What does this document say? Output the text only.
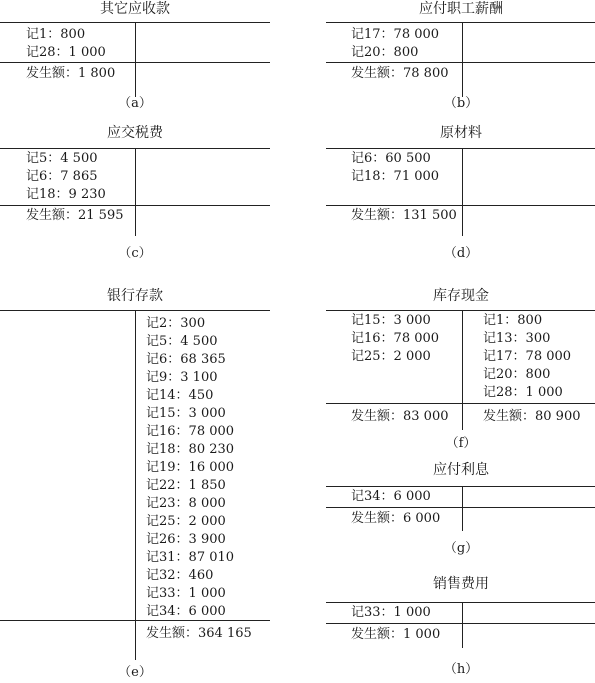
其它应收款
记1：800
记28：1 000
发生额：1 800
（a）
应付职工薪酬
记17：78 000
记20：800
发生额：78 800
（b）
应交税费
记5：4 500
记6：7 865
记18：9 230
发生额：21 595
（c）
原材料
记6：60 500
记18：71 000
发生额：131 500
（d）
银行存款
记2：300
记5：4 500
记6：68 365
记9：3 100
记14：450
记15：3 000
记16：78 000
记18：80 230
记19：16 000
记22：1 850
记23：8 000
记25：2 000
记26：3 900
记31：87 010
记32：460
记33：1 000
记34：6 000
发生额：364 165
（e）
库存现金
记15：3 000
记16：78 000
记25：2 000
记1：800
记13：300
记17：78 000
记20：800
记28：1 000
发生额：83 000	发生额：80 900
（f）
应付利息
记34：6 000
发生额：6 000
（g）
销售费用
记33：1 000
发生额：1 000
（h）
